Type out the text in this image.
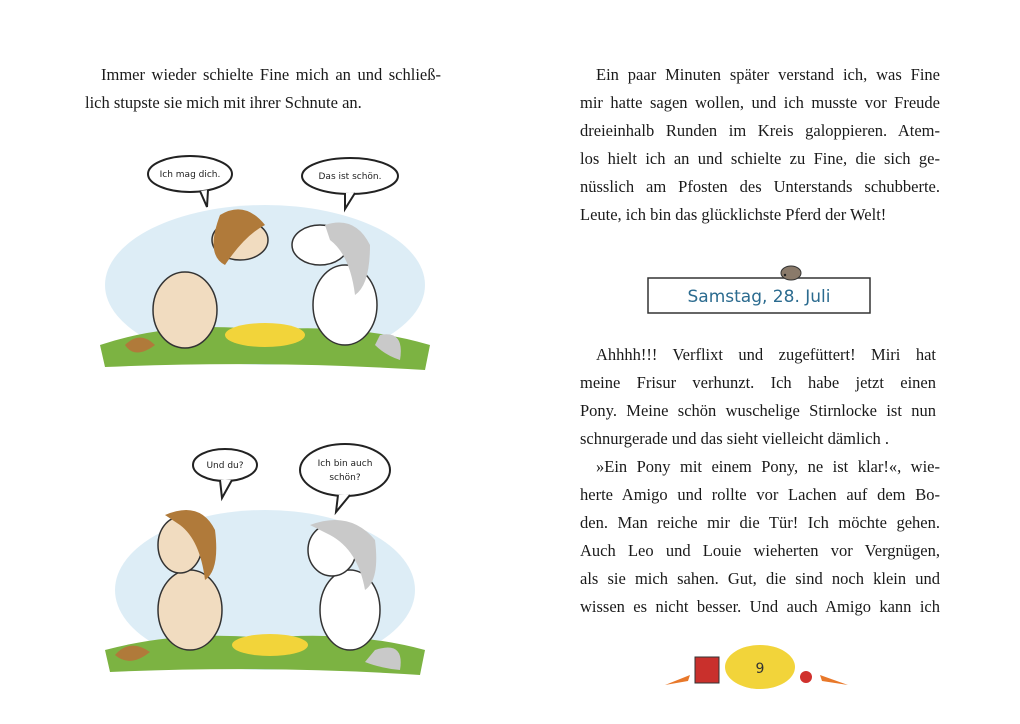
Immer wieder schielte Fine mich an und schließ-
lich stupste sie mich mit ihrer Schnute an.
Ich mag dich.	Das ist schön.
Und du?	Ich bin auch
schön?
Ein paar Minuten später verstand ich, was Fine
mir hatte sagen wollen, und ich musste vor Freude
dreieinhalb Runden im Kreis galoppieren. Atem-
los hielt ich an und schielte zu Fine, die sich ge-
nüsslich am Pfosten des Unterstands schubberte.
Leute, ich bin das glücklichste Pferd der Welt!
Samstag, 28. Juli
Ahhhh!!! Verflixt und zugefüttert! Miri hat
meine Frisur verhunzt. Ich habe jetzt einen
Pony. Meine schön wuschelige Stirnlocke ist nun
schnurgerade und das sieht vielleicht dämlich .
»Ein Pony mit einem Pony, ne ist klar!«, wie-
herte Amigo und rollte vor Lachen auf dem Bo-
den. Man reiche mir die Tür! Ich möchte gehen.
Auch Leo und Louie wieherten vor Vergnügen,
als sie mich sahen. Gut, die sind noch klein und
wissen es nicht besser. Und auch Amigo kann ich
9
